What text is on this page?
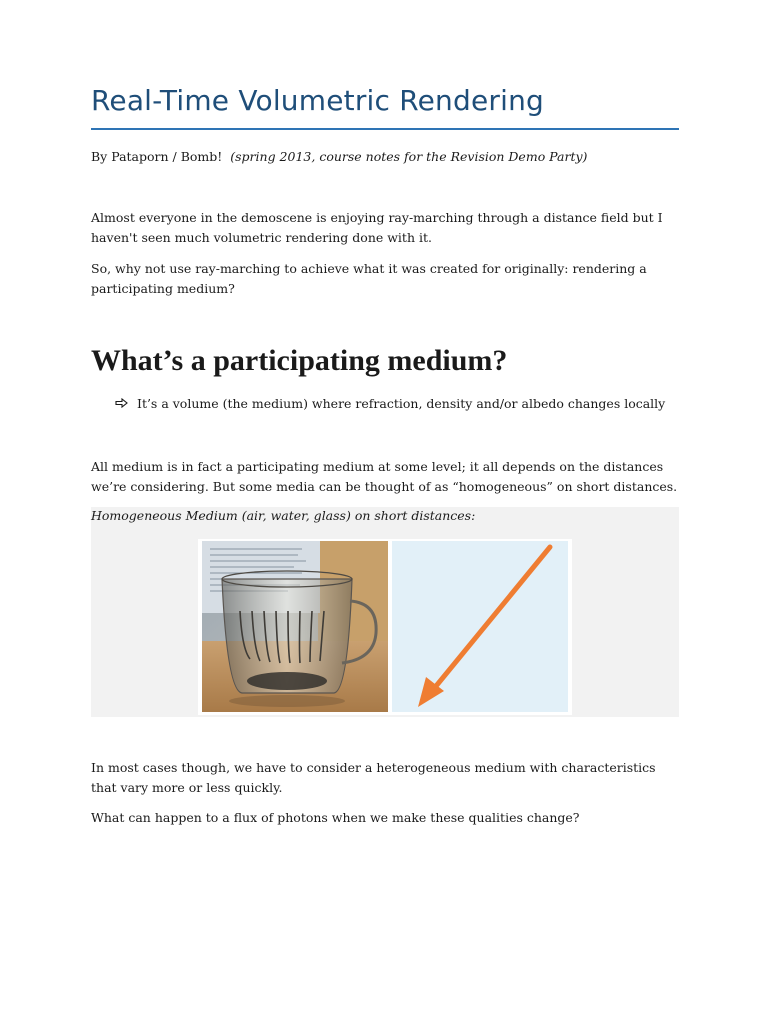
Real-Time Volumetric Rendering
By Pataporn / Bomb! (spring 2013, course notes for the Revision Demo Party)

Almost everyone in the demoscene is enjoying ray-marching through a distance field but I haven't seen much volumetric rendering done with it.

So, why not use ray-marching to achieve what it was created for originally: rendering a participating medium?

What’s a participating medium?
It’s a volume (the medium) where refraction, density and/or albedo changes locally

All medium is in fact a participating medium at some level; it all depends on the distances we’re considering. But some media can be thought of as “homogeneous” on short distances.

Homogeneous Medium (air, water, glass) on short distances:

In most cases though, we have to consider a heterogeneous medium with characteristics that vary more or less quickly.

What can happen to a flux of photons when we make these qualities change?
